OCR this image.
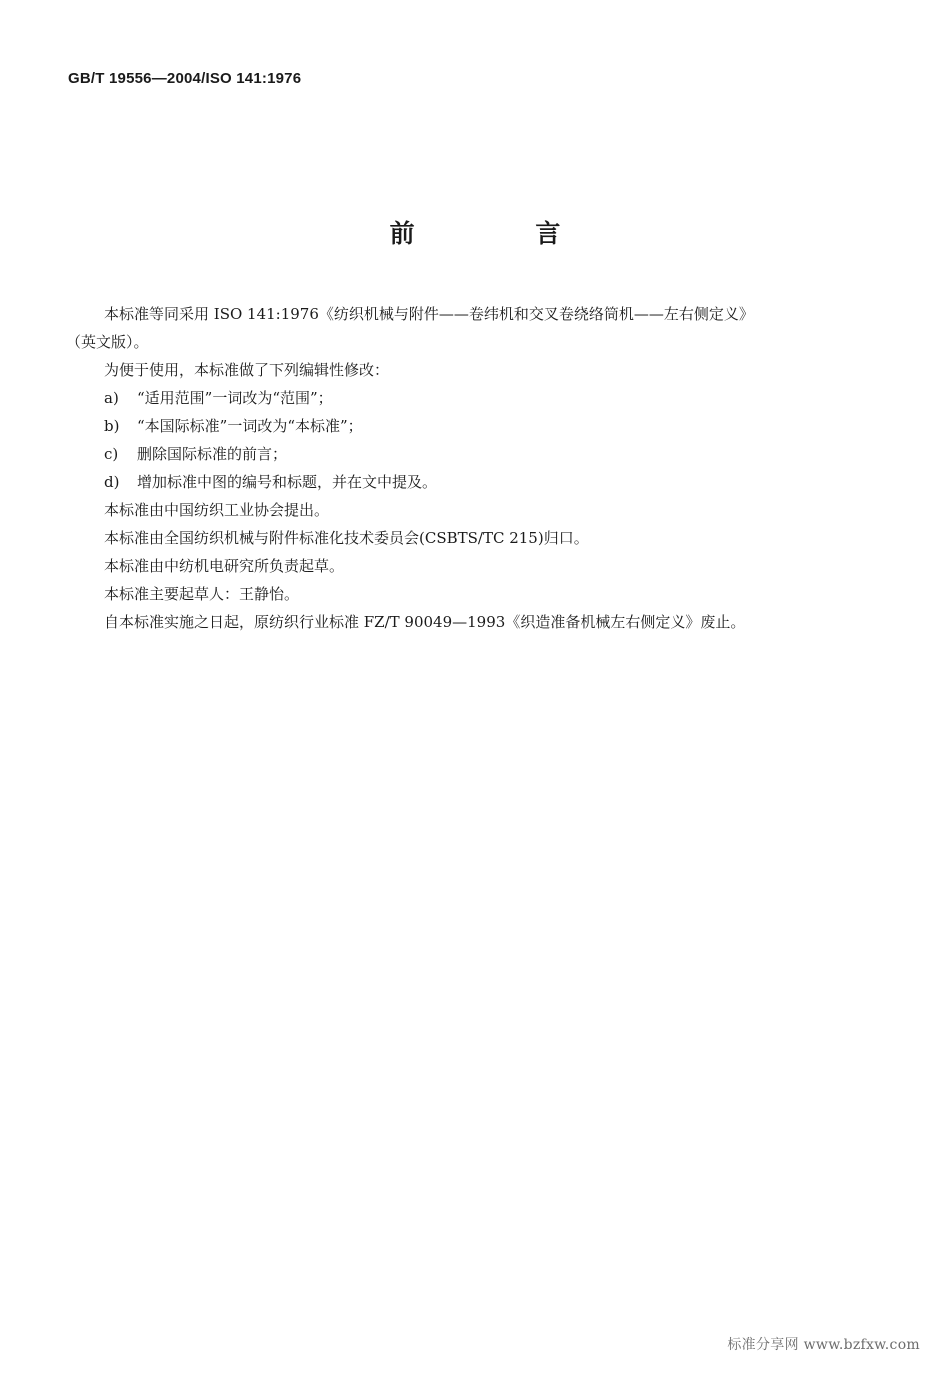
GB/T 19556—2004/ISO 141:1976
前 言
本标准等同采用 ISO 141:1976《纺织机械与附件——卷纬机和交叉卷绕络筒机——左右侧定义》
（英文版）。
为便于使用，本标准做了下列编辑性修改：
a) “适用范围”一词改为“范围”；
b) “本国际标准”一词改为“本标准”；
c) 删除国际标准的前言；
d) 增加标准中图的编号和标题，并在文中提及。
本标准由中国纺织工业协会提出。
本标准由全国纺织机械与附件标准化技术委员会(CSBTS/TC 215)归口。
本标准由中纺机电研究所负责起草。
本标准主要起草人：王静怡。
自本标准实施之日起，原纺织行业标准 FZ/T 90049—1993《织造准备机械左右侧定义》废止。
标准分享网 www.bzfxw.com
